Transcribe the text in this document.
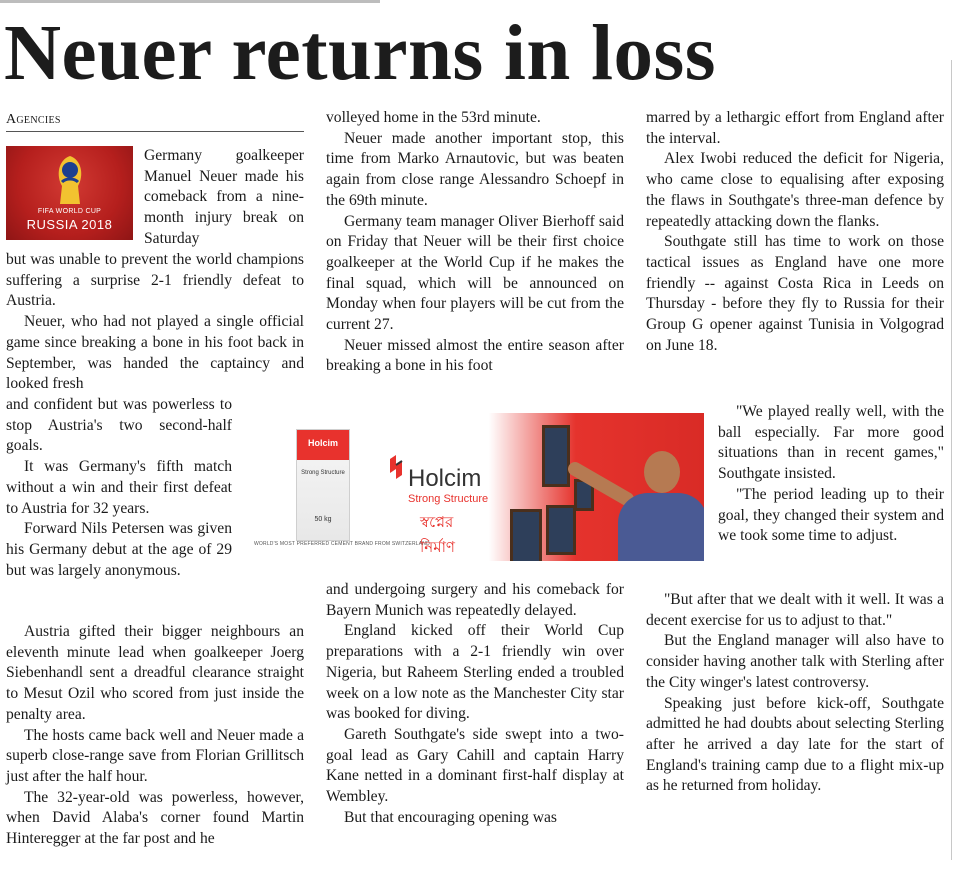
Neuer returns in loss
Agencies
FIFA WORLD CUP
RUSSIA 2018

Germany goalkeeper Manuel Neuer made his comeback from a nine-month injury break on Saturday

but was unable to prevent the world champions suffering a surprise 2-1 friendly defeat to Austria.

Neuer, who had not played a single official game since breaking a bone in his foot back in September, was handed the captaincy and looked fresh

and confident but was powerless to stop Austria's two second-half goals.

It was Germany's fifth match without a win and their first defeat to Austria for 32 years.

Forward Nils Petersen was given his Germany debut at the age of 29 but was largely anonymous.

Austria gifted their bigger neighbours an eleventh minute lead when goalkeeper Joerg Siebenhandl sent a dreadful clearance straight to Mesut Ozil who scored from just inside the penalty area.

The hosts came back well and Neuer made a superb close-range save from Florian Grillitsch just after the half hour.

The 32-year-old was powerless, however, when David Alaba's corner found Martin Hinteregger at the far post and he

volleyed home in the 53rd minute.

Neuer made another important stop, this time from Marko Arnautovic, but was beaten again from close range Alessandro Schoepf in the 69th minute.

Germany team manager Oliver Bierhoff said on Friday that Neuer will be their first choice goalkeeper at the World Cup if he makes the final squad, which will be announced on Monday when four players will be cut from the current 27.

Neuer missed almost the entire season after breaking a bone in his foot

and undergoing surgery and his comeback for Bayern Munich was repeatedly delayed.

England kicked off their World Cup preparations with a 2-1 friendly win over Nigeria, but Raheem Sterling ended a troubled week on a low note as the Manchester City star was booked for diving.

Gareth Southgate's side swept into a two-goal lead as Gary Cahill and captain Harry Kane netted in a dominant first-half display at Wembley.

But that encouraging opening was

marred by a lethargic effort from England after the interval.

Alex Iwobi reduced the deficit for Nigeria, who came close to equalising after exposing the flaws in Southgate's three-man defence by repeatedly attacking down the flanks.

Southgate still has time to work on those tactical issues as England have one more friendly -- against Costa Rica in Leeds on Thursday - before they fly to Russia for their Group G opener against Tunisia in Volgograd on June 18.

"We played really well, with the ball especially. Far more good situations than in recent games," Southgate insisted.

"The period leading up to their goal, they changed their system and we took some time to adjust.

"But after that we dealt with it well. It was a decent exercise for us to adjust to that."

But the England manager will also have to consider having another talk with Sterling after the City winger's latest controversy.

Speaking just before kick-off, Southgate admitted he had doubts about selecting Sterling after he arrived a day late for the start of England's training camp due to a flight mix-up as he returned from holiday.

Holcim
Strong Structure
50 kg
WORLD'S MOST PREFERRED CEMENT BRAND FROM SWITZERLAND
Holcim
Strong Structure
স্বপ্নের নির্মাণ
